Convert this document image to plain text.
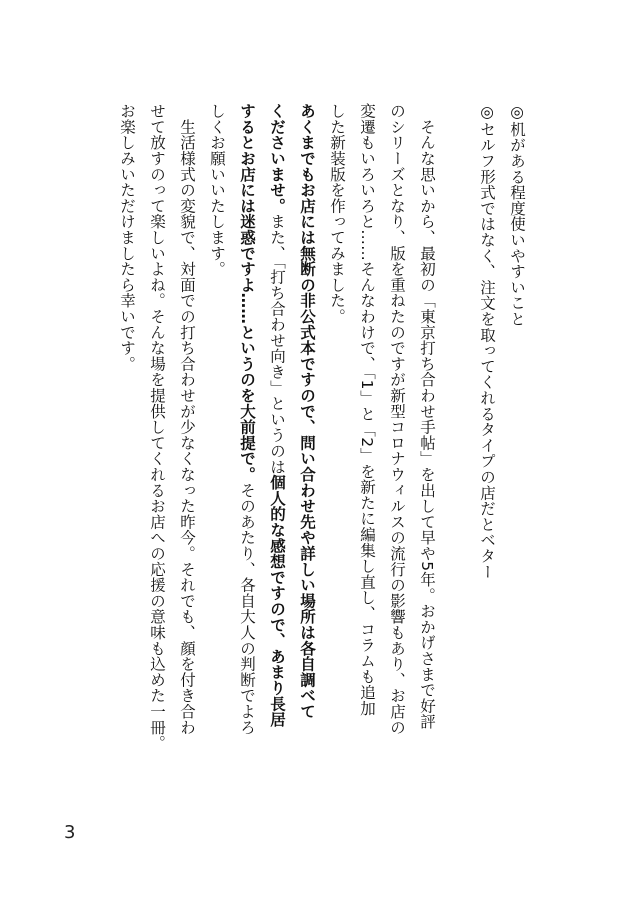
◎机がある程度使いやすいこと
◎セルフ形式ではなく、注文を取ってくれるタイプの店だとベター
　そんな思いから、最初の「東京打ち合わせ手帖」を出して早や5年。おかげさまで好評
のシリーズとなり、版を重ねたのですが新型コロナウィルスの流行の影響もあり、お店の
変遷もいろいろと……そんなわけで、「1」と「2」を新たに編集し直し、コラムも追加
した新装版を作ってみました。
あくまでもお店には無断の非公式本ですので、問い合わせ先や詳しい場所は各自調べて
くださいませ。また、「打ち合わせ向き」というのは個人的な感想ですので、あまり長居
するとお店には迷惑ですよ……というのを大前提で。そのあたり、各自大人の判断でよろ
しくお願いいたします。
　生活様式の変貌で、対面での打ち合わせが少なくなった昨今。それでも、顔を付き合わ
せて放すのって楽しいよね。そんな場を提供してくれるお店への応援の意味も込めた一冊。
お楽しみいただけましたら幸いです。
3
